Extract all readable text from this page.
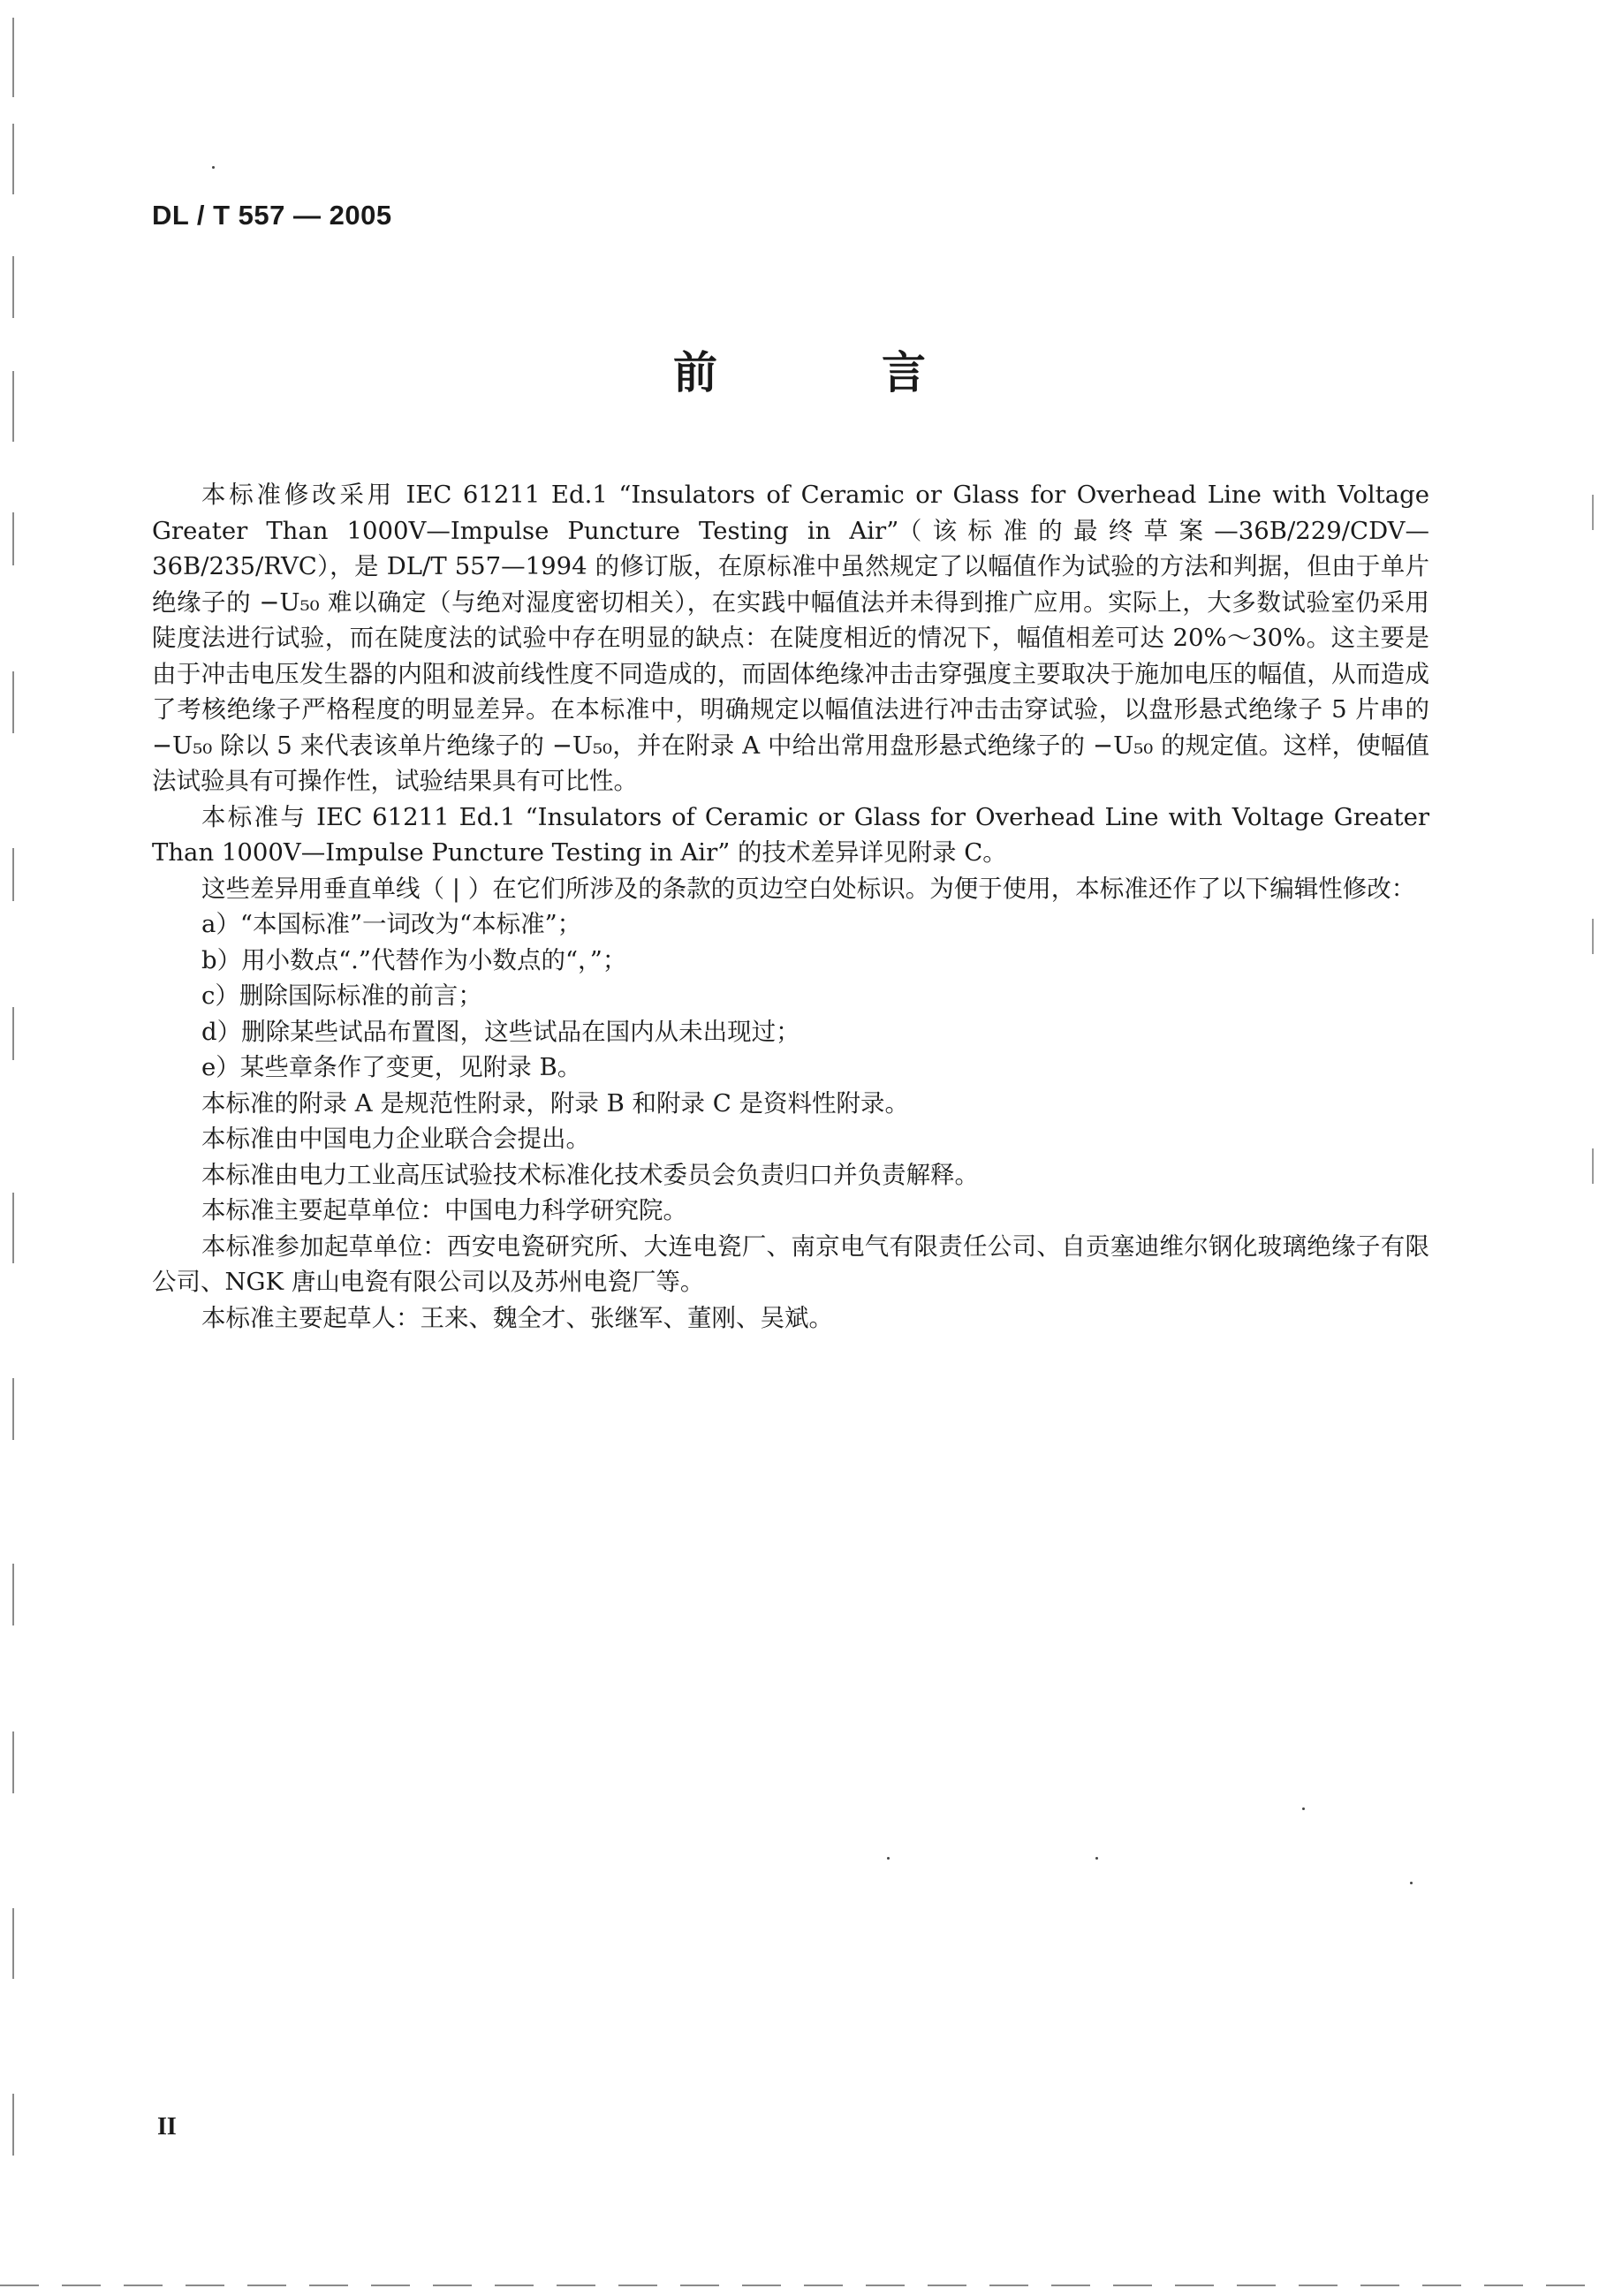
DL / T 557 — 2005
前　言

本标准修改采用 IEC 61211 Ed.1 “Insulators of Ceramic or Glass for Overhead Line with Voltage Greater Than 1000V—Impulse Puncture Testing in Air”（该标准的最终草案—36B/229/CDV—36B/235/RVC），是 DL/T 557—1994 的修订版，在原标准中虽然规定了以幅值作为试验的方法和判据，但由于单片绝缘子的 −U₅₀ 难以确定（与绝对湿度密切相关），在实践中幅值法并未得到推广应用。实际上，大多数试验室仍采用陡度法进行试验，而在陡度法的试验中存在明显的缺点：在陡度相近的情况下，幅值相差可达 20%～30%。这主要是由于冲击电压发生器的内阻和波前线性度不同造成的，而固体绝缘冲击击穿强度主要取决于施加电压的幅值，从而造成了考核绝缘子严格程度的明显差异。在本标准中，明确规定以幅值法进行冲击击穿试验，以盘形悬式绝缘子 5 片串的 −U₅₀ 除以 5 来代表该单片绝缘子的 −U₅₀，并在附录 A 中给出常用盘形悬式绝缘子的 −U₅₀ 的规定值。这样，使幅值法试验具有可操作性，试验结果具有可比性。

本标准与 IEC 61211 Ed.1 “Insulators of Ceramic or Glass for Overhead Line with Voltage Greater Than 1000V—Impulse Puncture Testing in Air” 的技术差异详见附录 C。

这些差异用垂直单线（ | ）在它们所涉及的条款的页边空白处标识。为便于使用，本标准还作了以下编辑性修改：

a）“本国标准”一词改为“本标准”；

b）用小数点“.”代替作为小数点的“，”；

c）删除国际标准的前言；

d）删除某些试品布置图，这些试品在国内从未出现过；

e）某些章条作了变更，见附录 B。

本标准的附录 A 是规范性附录，附录 B 和附录 C 是资料性附录。

本标准由中国电力企业联合会提出。

本标准由电力工业高压试验技术标准化技术委员会负责归口并负责解释。

本标准主要起草单位：中国电力科学研究院。

本标准参加起草单位：西安电瓷研究所、大连电瓷厂、南京电气有限责任公司、自贡塞迪维尔钢化玻璃绝缘子有限公司、NGK 唐山电瓷有限公司以及苏州电瓷厂等。

本标准主要起草人：王来、魏全才、张继军、董刚、吴斌。

II
